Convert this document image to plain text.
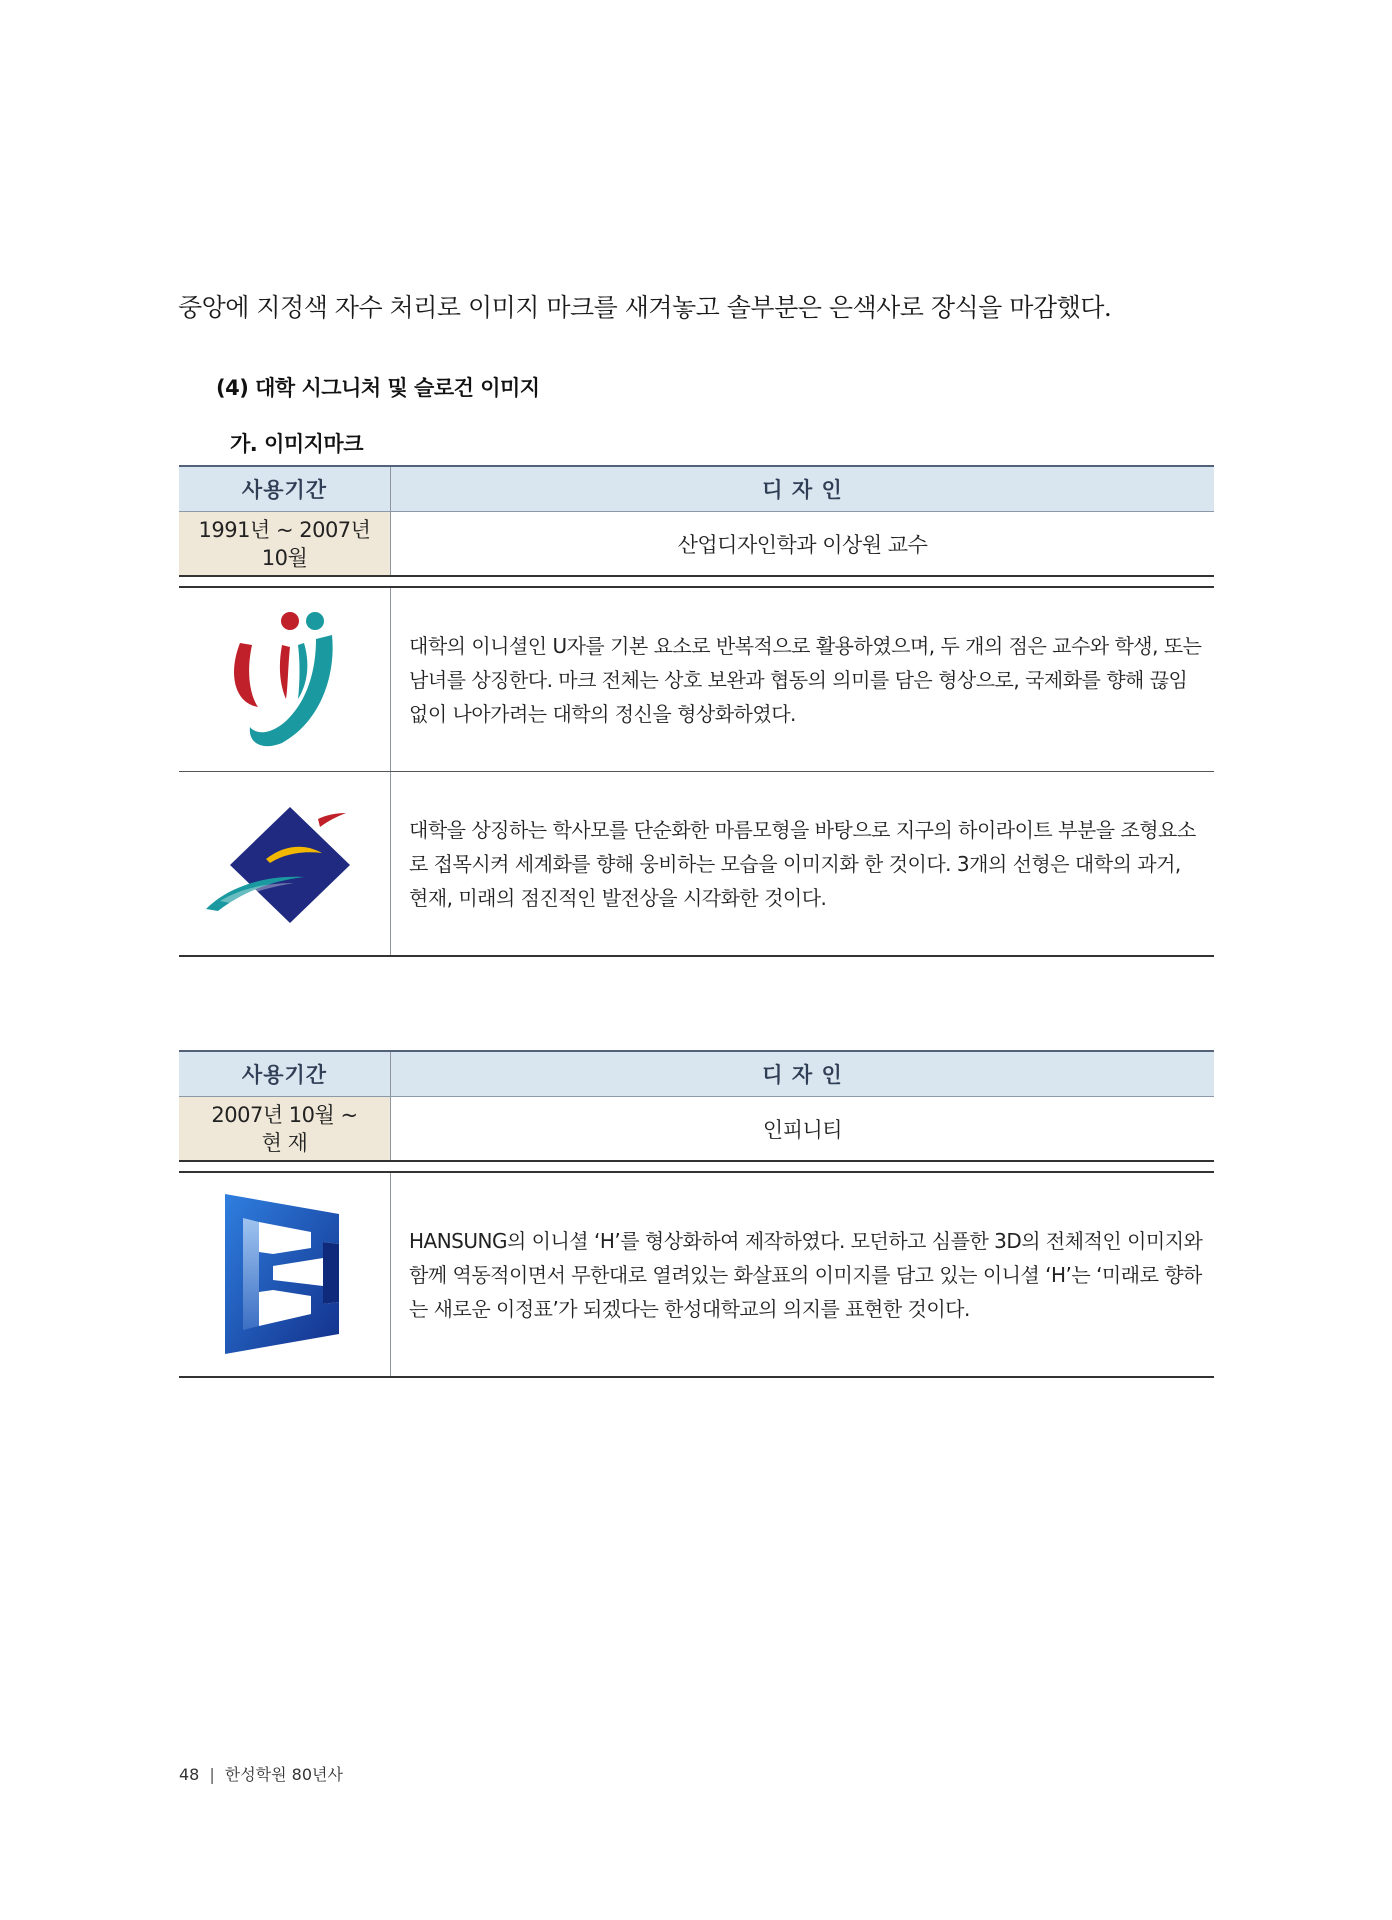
중앙에 지정색 자수 처리로 이미지 마크를 새겨놓고 솔부분은 은색사로 장식을 마감했다.
(4) 대학 시그니처 및 슬로건 이미지
가. 이미지마크
사용기간	디 자 인

1991년 ~ 2007년
10월	산업디자인학과 이상원 교수

	대학의 이니셜인 U자를 기본 요소로 반복적으로 활용하였으며, 두 개의 점은 교수와 학생, 또는 남녀를 상징한다. 마크 전체는 상호 보완과 협동의 의미를 담은 형상으로, 국제화를 향해 끊임없이 나아가려는 대학의 정신을 형상화하였다.
	대학을 상징하는 학사모를 단순화한 마름모형을 바탕으로 지구의 하이라이트 부분을 조형요소로 접목시켜 세계화를 향해 웅비하는 모습을 이미지화 한 것이다. 3개의 선형은 대학의 과거, 현재, 미래의 점진적인 발전상을 시각화한 것이다.
사용기간	디 자 인

2007년 10월 ~
현 재	인피니티

	HANSUNG의 이니셜 ‘H’를 형상화하여 제작하였다. 모던하고 심플한 3D의 전체적인 이미지와 함께 역동적이면서 무한대로 열려있는 화살표의 이미지를 담고 있는 이니셜 ‘H’는 ‘미래로 향하는 새로운 이정표’가 되겠다는 한성대학교의 의지를 표현한 것이다.
48 | 한성학원 80년사
